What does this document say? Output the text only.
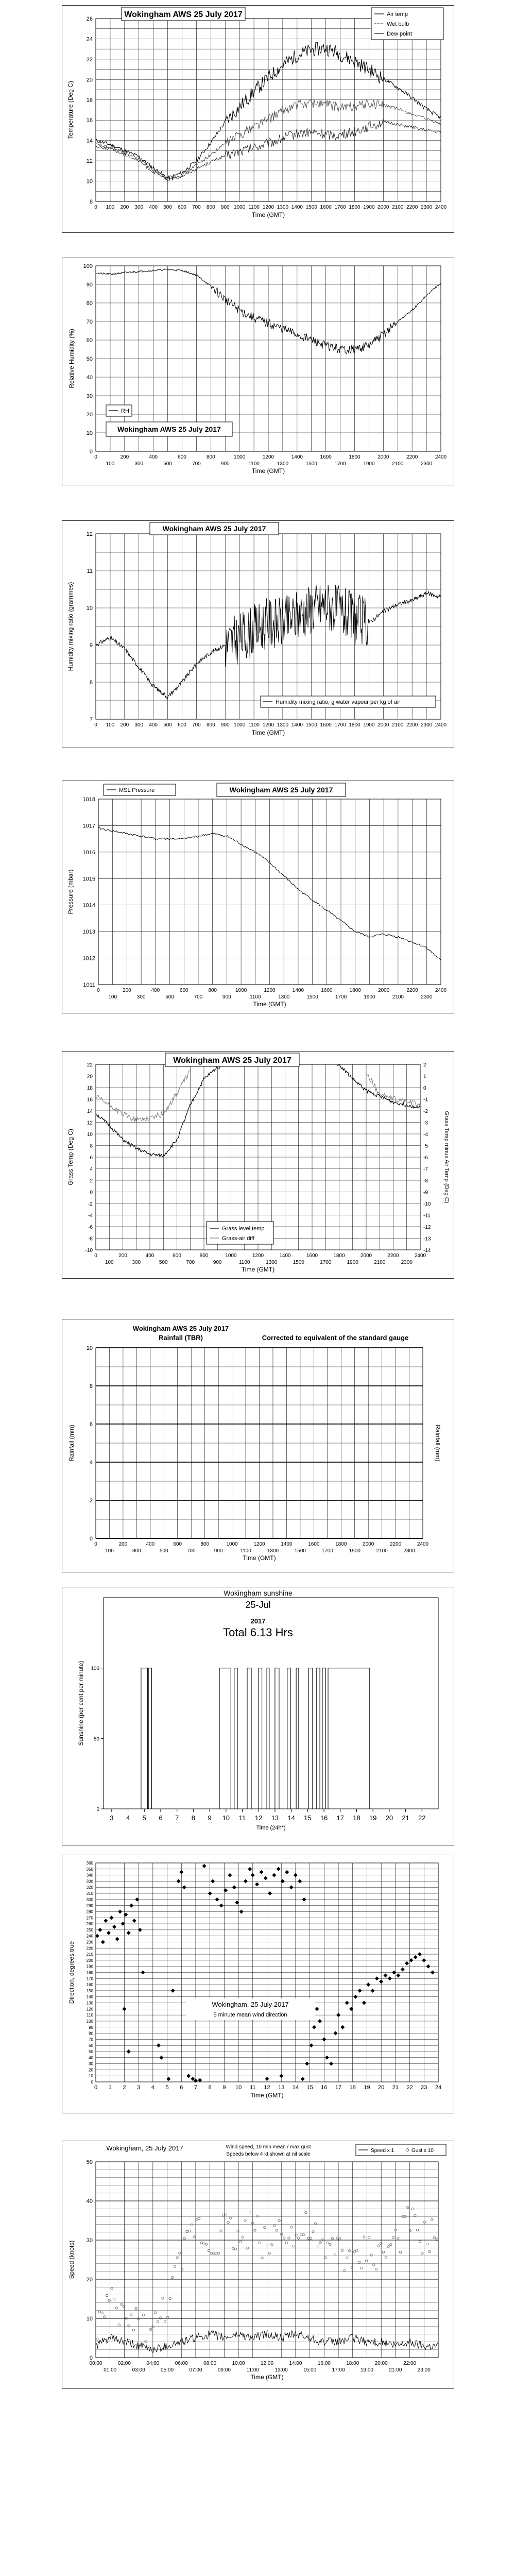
8
10
12
14
16
18
20
22
24
26
0 100 200 300 400 500 600 700 800 900 1000 1100 1200 1300 1400 1500 1600 1700 1800 1900 2000 2100 2200 2300 2400
Time (GMT)
Temperature (Deg C)
Wokingham AWS 25 July 2017	Air temp
Wet bulb
Dew point
0
10
20
30
40
50
60
70
80
90
100
0	200	400	600	800	1000	1200	1400	1600	1800	2000	2200	2400
100	300	500	700	900	1100	1300	1500	1700	1900	2100	2300
Time (GMT)
Relative Humidity (%)
RH
Wokingham AWS 25 July 2017
7
8
9
10
11
12
0 100 200 300 400 500 600 700 800 900 1000 1100 1200 1300 1400 1500 1600 1700 1800 1900 2000 2100 2200 2300 2400
Time (GMT)
Humidity mixing ratio (grammes)
Wokingham AWS 25 July 2017
Humidity mixing ratio, g water vapour per kg of air
1011
1012
1013
1014
1015
1016
1017
1018
0	200	400	600	800	1000	1200	1400	1600	1800	2000	2200	2400
100	300	500	700	900	1100	1300	1500	1700	1900	2100	2300
Time (GMT)
Pressure (mbar)
MSL Pressure	Wokingham AWS 25 July 2017
-10
-8
-6
-4
-2
0
2
4
6
8
10
12
14
16
18
20
22
-14
-13
-12
-11
-10
-9
-8
-7
-6
-5
-4
-3
-2
-1
0
1
2
0	200	400	600	800	1000	1200	1400	1600	1800	2000	2200	2400
100	300	500	700	900	1100	1300	1500	1700	1900	2100	2300
Time (GMT)
Grass Temp (Deg C)	Grass Temp minus Air Temp (Deg C)
Wokingham AWS 25 July 2017
Grass level temp
Grass-air diff
0
2
4
6
8
10
0	200	400	600	800	1000	1200	1400	1600	1800	2000	2200	2400
100	300	500	700	900	1100	1300	1500	1700	1900	2100	2300
Time (GMT)
Rainfall (mm)	Rainfall (mm)
Wokingham AWS 25 July 2017
Rainfall (TBR)	Corrected to equivalent of the standard gauge
3 4 5 6 7 8 9 10 11 12 13 14 15 16 17 18 19 20 21 22
Time (24h*)
0
50
100
Sunshine (per cent per minute)
Wokingham sunshine
25-Jul
2017
Total 6.13 Hrs
0
10
20
30
40
50
60
70
80
90
100
110
120
130
140
150
160
170
180
190
200
210
220
230
240
250
260
270
280
290
300
310
320
330
340
350
360
0 1 2 3 4 5 6 7 8 9 10 11 12 13 14 15 16 17 18 19 20 21 22 23 24
Time (GMT)
Direction, degrees true
Wokingham, 25 July 2017
5 minute mean wind direction
0
10
20
30
40
50
00:00	02:00	04:00	06:00	08:00	10:00	12:00	14:00	16:00	18:00	20:00	22:00
01:00	03:00	05:00	07:00	09:00	11:00	13:00	15:00	17:00	19:00	21:00	23:00
Time (GMT)
Speed (knots)
Wokingham, 25 July 2017	Wind speed, 10 min mean / max gust
Speeds below 4 kt shown at nil scale
Speed x 1	Gust x 10
